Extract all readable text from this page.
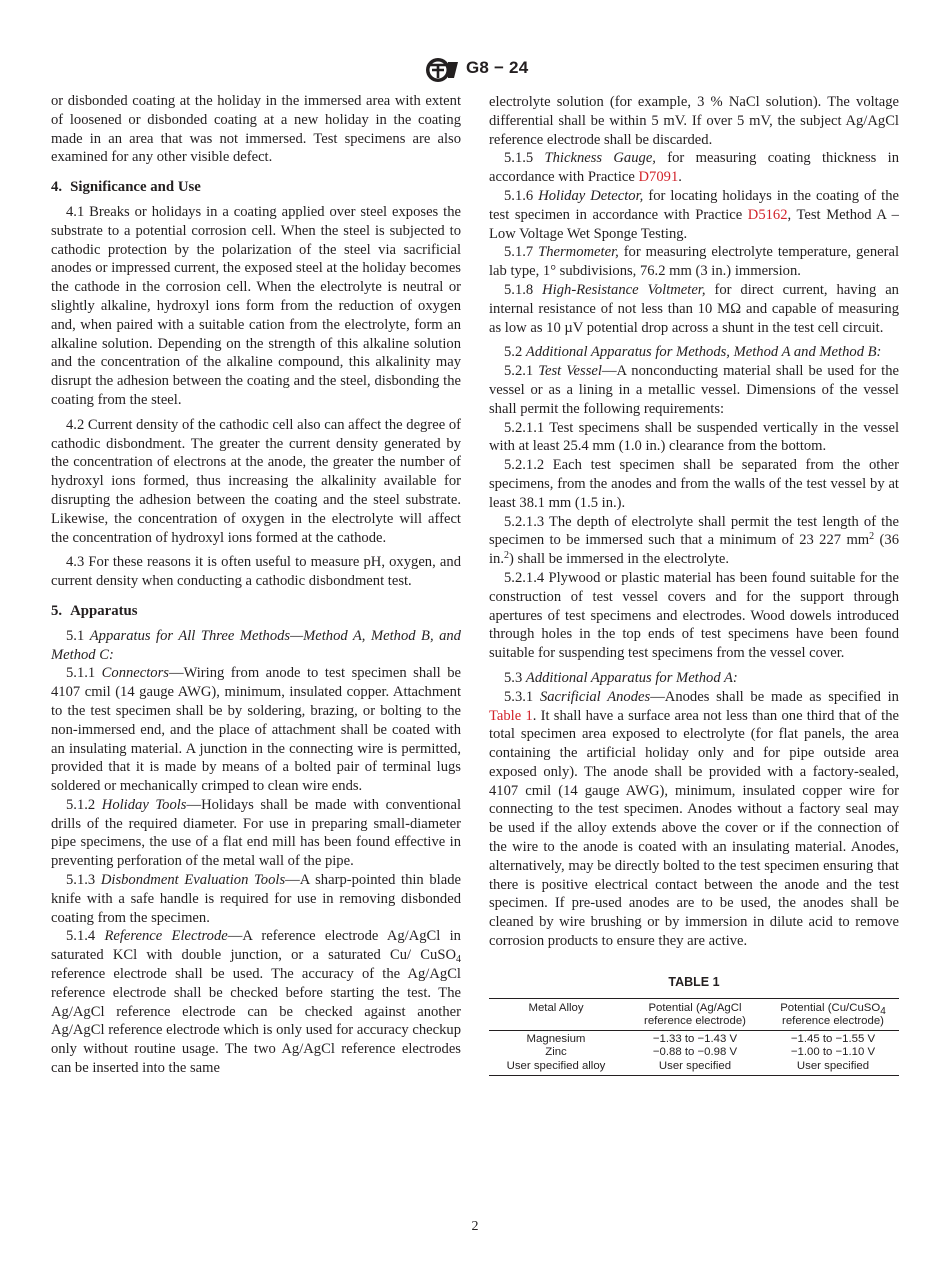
G8 − 24

or disbonded coating at the holiday in the immersed area with extent of loosened or disbonded coating at a new holiday in the coating made in an area that was not immersed. Test specimens are also examined for any other visible defect.

4. Significance and Use

4.1 Breaks or holidays in a coating applied over steel exposes the substrate to a potential corrosion cell. When the steel is subjected to cathodic protection by the polarization of the steel via sacrificial anodes or impressed current, the exposed steel at the holiday becomes the cathode in the corrosion cell. When the electrolyte is neutral or slightly alkaline, hydroxyl ions form from the reduction of oxygen and, when paired with a suitable cation from the electrolyte, form an alkaline solution. Depending on the strength of this alkaline solution and the concentration of the alkaline compound, this alkalinity may disrupt the adhesion between the coating and the steel, disbonding the coating from the steel.

4.2 Current density of the cathodic cell also can affect the degree of cathodic disbondment. The greater the current density generated by the concentration of electrons at the anode, the greater the number of hydroxyl ions formed, thus increasing the alkalinity available for disrupting the adhesion between the coating and the steel substrate. Likewise, the concentration of oxygen in the electrolyte will affect the concentration of hydroxyl ions formed at the cathode.

4.3 For these reasons it is often useful to measure pH, oxygen, and current density when conducting a cathodic disbondment test.

5. Apparatus

5.1 Apparatus for All Three Methods—Method A, Method B, and Method C:

5.1.1 Connectors—Wiring from anode to test specimen shall be 4107 cmil (14 gauge AWG), minimum, insulated copper. Attachment to the test specimen shall be by soldering, brazing, or bolting to the non-immersed end, and the place of attachment shall be coated with an insulating material. A junction in the connecting wire is permitted, provided that it is made by means of a bolted pair of terminal lugs soldered or mechanically crimped to clean wire ends.

5.1.2 Holiday Tools—Holidays shall be made with conventional drills of the required diameter. For use in preparing small-diameter pipe specimens, the use of a flat end mill has been found effective in preventing perforation of the metal wall of the pipe.

5.1.3 Disbondment Evaluation Tools—A sharp-pointed thin blade knife with a safe handle is required for use in removing disbonded coating from the specimen.

5.1.4 Reference Electrode—A reference electrode Ag/AgCl in saturated KCl with double junction, or a saturated Cu/ CuSO$_4$ reference electrode shall be used. The accuracy of the Ag/AgCl reference electrode shall be checked before starting the test. The Ag/AgCl reference electrode can be checked against another Ag/AgCl reference electrode which is only used for accuracy checkup only without routine usage. The two Ag/AgCl reference electrodes can be inserted into the same

electrolyte solution (for example, 3 % NaCl solution). The voltage differential shall be within 5 mV. If over 5 mV, the subject Ag/AgCl reference electrode shall be discarded.

5.1.5 Thickness Gauge, for measuring coating thickness in accordance with Practice D7091.

5.1.6 Holiday Detector, for locating holidays in the coating of the test specimen in accordance with Practice D5162, Test Method A – Low Voltage Wet Sponge Testing.

5.1.7 Thermometer, for measuring electrolyte temperature, general lab type, 1° subdivisions, 76.2 mm (3 in.) immersion.

5.1.8 High-Resistance Voltmeter, for direct current, having an internal resistance of not less than 10 MΩ and capable of measuring as low as 10 µV potential drop across a shunt in the test cell circuit.

5.2 Additional Apparatus for Methods, Method A and Method B:

5.2.1 Test Vessel—A nonconducting material shall be used for the vessel or as a lining in a metallic vessel. Dimensions of the vessel shall permit the following requirements:

5.2.1.1 Test specimens shall be suspended vertically in the vessel with at least 25.4 mm (1.0 in.) clearance from the bottom.

5.2.1.2 Each test specimen shall be separated from the other specimens, from the anodes and from the walls of the test vessel by at least 38.1 mm (1.5 in.).

5.2.1.3 The depth of electrolyte shall permit the test length of the specimen to be immersed such that a minimum of 23 227 $mm^2$ (36 in.$^2$) shall be immersed in the electrolyte.

5.2.1.4 Plywood or plastic material has been found suitable for the construction of test vessel covers and for the support through apertures of test specimens and electrodes. Wood dowels introduced through holes in the top ends of test specimens have been found suitable for suspending test specimens from the vessel cover.

5.3 Additional Apparatus for Method A:

5.3.1 Sacrificial Anodes—Anodes shall be made as specified in Table 1. It shall have a surface area not less than one third that of the total specimen area exposed to electrolyte (for flat panels, the area containing the artificial holiday only and for pipe outside area exposed only). The anode shall be provided with a factory-sealed, 4107 cmil (14 gauge AWG), minimum, insulated copper wire for connecting to the test specimen. Anodes without a factory seal may be used if the alloy extends above the cover or if the connection of the wire to the anode is coated with an insulating material. Anodes, alternatively, may be directly bolted to the test specimen ensuring that there is positive electrical contact between the anode and the test specimen. If pre-used anodes are to be used, the anodes shall be cleaned by wire brushing or by immersion in dilute acid to remove corrosion products to ensure they are active.

TABLE 1
Metal Alloy	Potential (Ag/AgCl reference electrode)	Potential (Cu/CuSO$_4$ reference electrode)
Magnesium	−1.33 to −1.43 V	−1.45 to −1.55 V
Zinc	−0.88 to −0.98 V	−1.00 to −1.10 V
User specified alloy	User specified	User specified
2
